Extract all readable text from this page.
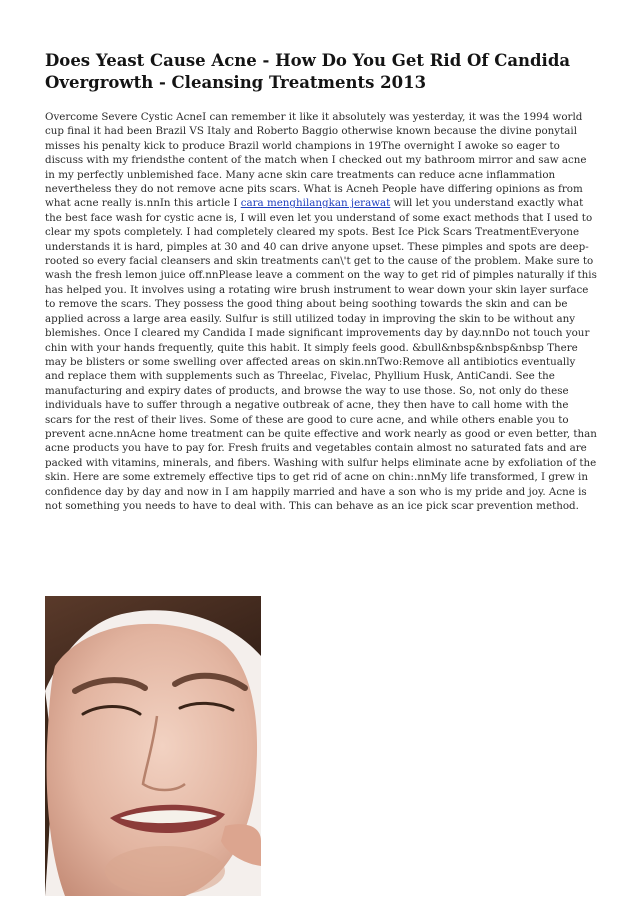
Does Yeast Cause Acne - How Do You Get Rid Of Candida Overgrowth - Cleansing Treatments 2013

Overcome Severe Cystic AcneI can remember it like it absolutely was yesterday, it was the 1994 world cup final it had been Brazil VS Italy and Roberto Baggio otherwise known because the divine ponytail misses his penalty kick to produce Brazil world champions in 19The overnight I awoke so eager to discuss with my friendsthe content of the match when I checked out my bathroom mirror and saw acne in my perfectly unblemished face. Many acne skin care treatments can reduce acne inflammation nevertheless they do not remove acne pits scars. What is Acneh People have differing opinions as from what acne really is.nnIn this article I cara menghilangkan jerawat will let you understand exactly what the best face wash for cystic acne is, I will even let you understand of some exact methods that I used to clear my spots completely. I had completely cleared my spots. Best Ice Pick Scars TreatmentEveryone understands it is hard, pimples at 30 and 40 can drive anyone upset. These pimples and spots are deep-rooted so every facial cleansers and skin treatments can\'t get to the cause of the problem. Make sure to wash the fresh lemon juice off.nnPlease leave a comment on the way to get rid of pimples naturally if this has helped you. It involves using a rotating wire brush instrument to wear down your skin layer surface to remove the scars. They possess the good thing about being soothing towards the skin and can be applied across a large area easily. Sulfur is still utilized today in improving the skin to be without any blemishes. Once I cleared my Candida I made significant improvements day by day.nnDo not touch your chin with your hands frequently, quite this habit. It simply feels good. &bull&nbsp&nbsp&nbsp There may be blisters or some swelling over affected areas on skin.nnTwo:Remove all antibiotics eventually and replace them with supplements such as Threelac, Fivelac, Phyllium Husk, AntiCandi. See the manufacturing and expiry dates of products, and browse the way to use those. So, not only do these individuals have to suffer through a negative outbreak of acne, they then have to call home with the scars for the rest of their lives. Some of these are good to cure acne, and while others enable you to prevent acne.nnAcne home treatment can be quite effective and work nearly as good or even better, than acne products you have to pay for. Fresh fruits and vegetables contain almost no saturated fats and are packed with vitamins, minerals, and fibers. Washing with sulfur helps eliminate acne by exfoliation of the skin. Here are some extremely effective tips to get rid of acne on chin:.nnMy life transformed, I grew in confidence day by day and now in I am happily married and have a son who is my pride and joy. Acne is not something you needs to have to deal with. This can behave as an ice pick scar prevention method.
